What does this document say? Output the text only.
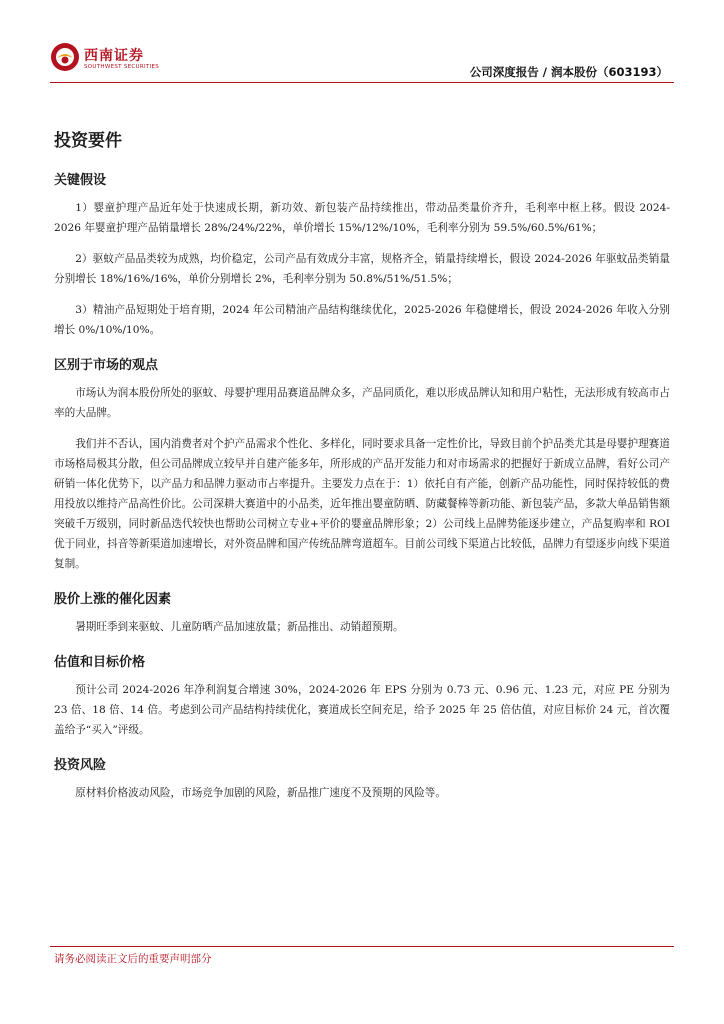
西南证券
SOUTHWEST SECURITIES	公司深度报告 / 润本股份（603193）
投资要件
关键假设

1）婴童护理产品近年处于快速成长期，新功效、新包装产品持续推出，带动品类量价齐升，毛利率中枢上移。假设 2024-2026 年婴童护理产品销量增长 28%/24%/22%，单价增长 15%/12%/10%，毛利率分别为 59.5%/60.5%/61%；

2）驱蚊产品品类较为成熟，均价稳定，公司产品有效成分丰富，规格齐全，销量持续增长，假设 2024-2026 年驱蚊品类销量分别增长 18%/16%/16%，单价分别增长 2%，毛利率分别为 50.8%/51%/51.5%；

3）精油产品短期处于培育期，2024 年公司精油产品结构继续优化，2025-2026 年稳健增长，假设 2024-2026 年收入分别增长 0%/10%/10%。

区别于市场的观点

市场认为润本股份所处的驱蚊、母婴护理用品赛道品牌众多，产品同质化，难以形成品牌认知和用户粘性，无法形成有较高市占率的大品牌。

我们并不否认，国内消费者对个护产品需求个性化、多样化，同时要求具备一定性价比，导致目前个护品类尤其是母婴护理赛道市场格局极其分散，但公司品牌成立较早并自建产能多年，所形成的产品开发能力和对市场需求的把握好于新成立品牌，看好公司产研销一体化优势下，以产品力和品牌力驱动市占率提升。主要发力点在于：1）依托自有产能，创新产品功能性，同时保持较低的费用投放以维持产品高性价比。公司深耕大赛道中的小品类，近年推出婴童防晒、防藏餐棒等新功能、新包装产品，多款大单品销售额突破千万级别，同时新品迭代较快也帮助公司树立专业+平价的婴童品牌形象；2）公司线上品牌势能逐步建立，产品复购率和 ROI 优于同业，抖音等新渠道加速增长，对外资品牌和国产传统品牌弯道超车。目前公司线下渠道占比较低，品牌力有望逐步向线下渠道复制。

股价上涨的催化因素

暑期旺季到来驱蚊、儿童防晒产品加速放量；新品推出、动销超预期。

估值和目标价格

预计公司 2024-2026 年净利润复合增速 30%，2024-2026 年 EPS 分别为 0.73 元、0.96 元、1.23 元，对应 PE 分别为 23 倍、18 倍、14 倍。考虑到公司产品结构持续优化，赛道成长空间充足，给予 2025 年 25 倍估值，对应目标价 24 元，首次覆盖给予“买入”评级。

投资风险

原材料价格波动风险，市场竞争加剧的风险，新品推广速度不及预期的风险等。

请务必阅读正文后的重要声明部分
